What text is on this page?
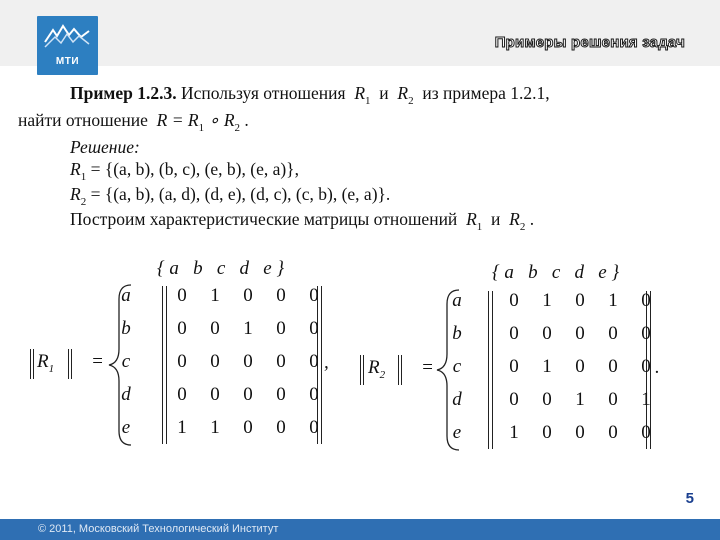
МТИ
Примеры решения задач
Пример 1.2.3. Используя отношения $R_1$ и $R_2$ из примера 1.2.1,
найти отношение $R = R_1$ ∘ $R_2$ .
Решение:
$R_1 = \{(a$, b), (b, c), (e, b), (e, a)},
$R_2 = \{(a$, b), (a, d), (d, e), (d, c), (c, b), (e, a)}.
Построим характеристические матрицы отношений $R_1$ и $R_2$ .
‖ $R_1$ ‖ =
{ a   b   c   d   e }
,
a
b
c
d
e
0 1 0 0 0
0 0 1 0 0
0 0 0 0 0
0 0 0 0 0
1 1 0 0 0
‖ $R_2$ ‖ =
{ a   b   c   d   e }
.
a
b
c
d
e
0 1 0 1 0
0 0 0 0 0
0 1 0 0 0
0 0 1 0 1
1 0 0 0 0
5
© 2011, Московский Технологический Институт
